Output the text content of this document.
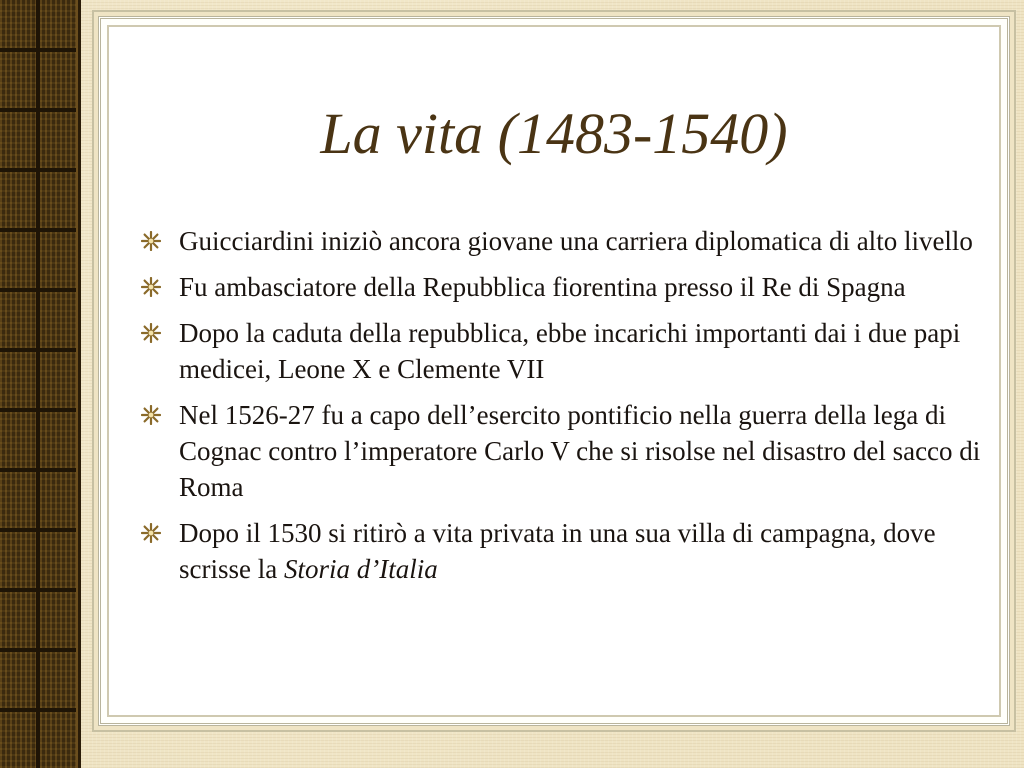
La vita (1483-1540)
Guicciardini iniziò ancora giovane una carriera diplomatica di alto livello
Fu ambasciatore della Repubblica fiorentina presso il Re di Spagna
Dopo la caduta della repubblica, ebbe incarichi importanti dai i due papi medicei, Leone X e Clemente VII
Nel 1526-27 fu a capo dell’esercito pontificio nella guerra della lega di Cognac contro l’imperatore Carlo V che si risolse nel disastro del sacco di Roma
Dopo il 1530 si ritirò a vita privata in una sua villa di campagna, dove scrisse la Storia d’Italia
